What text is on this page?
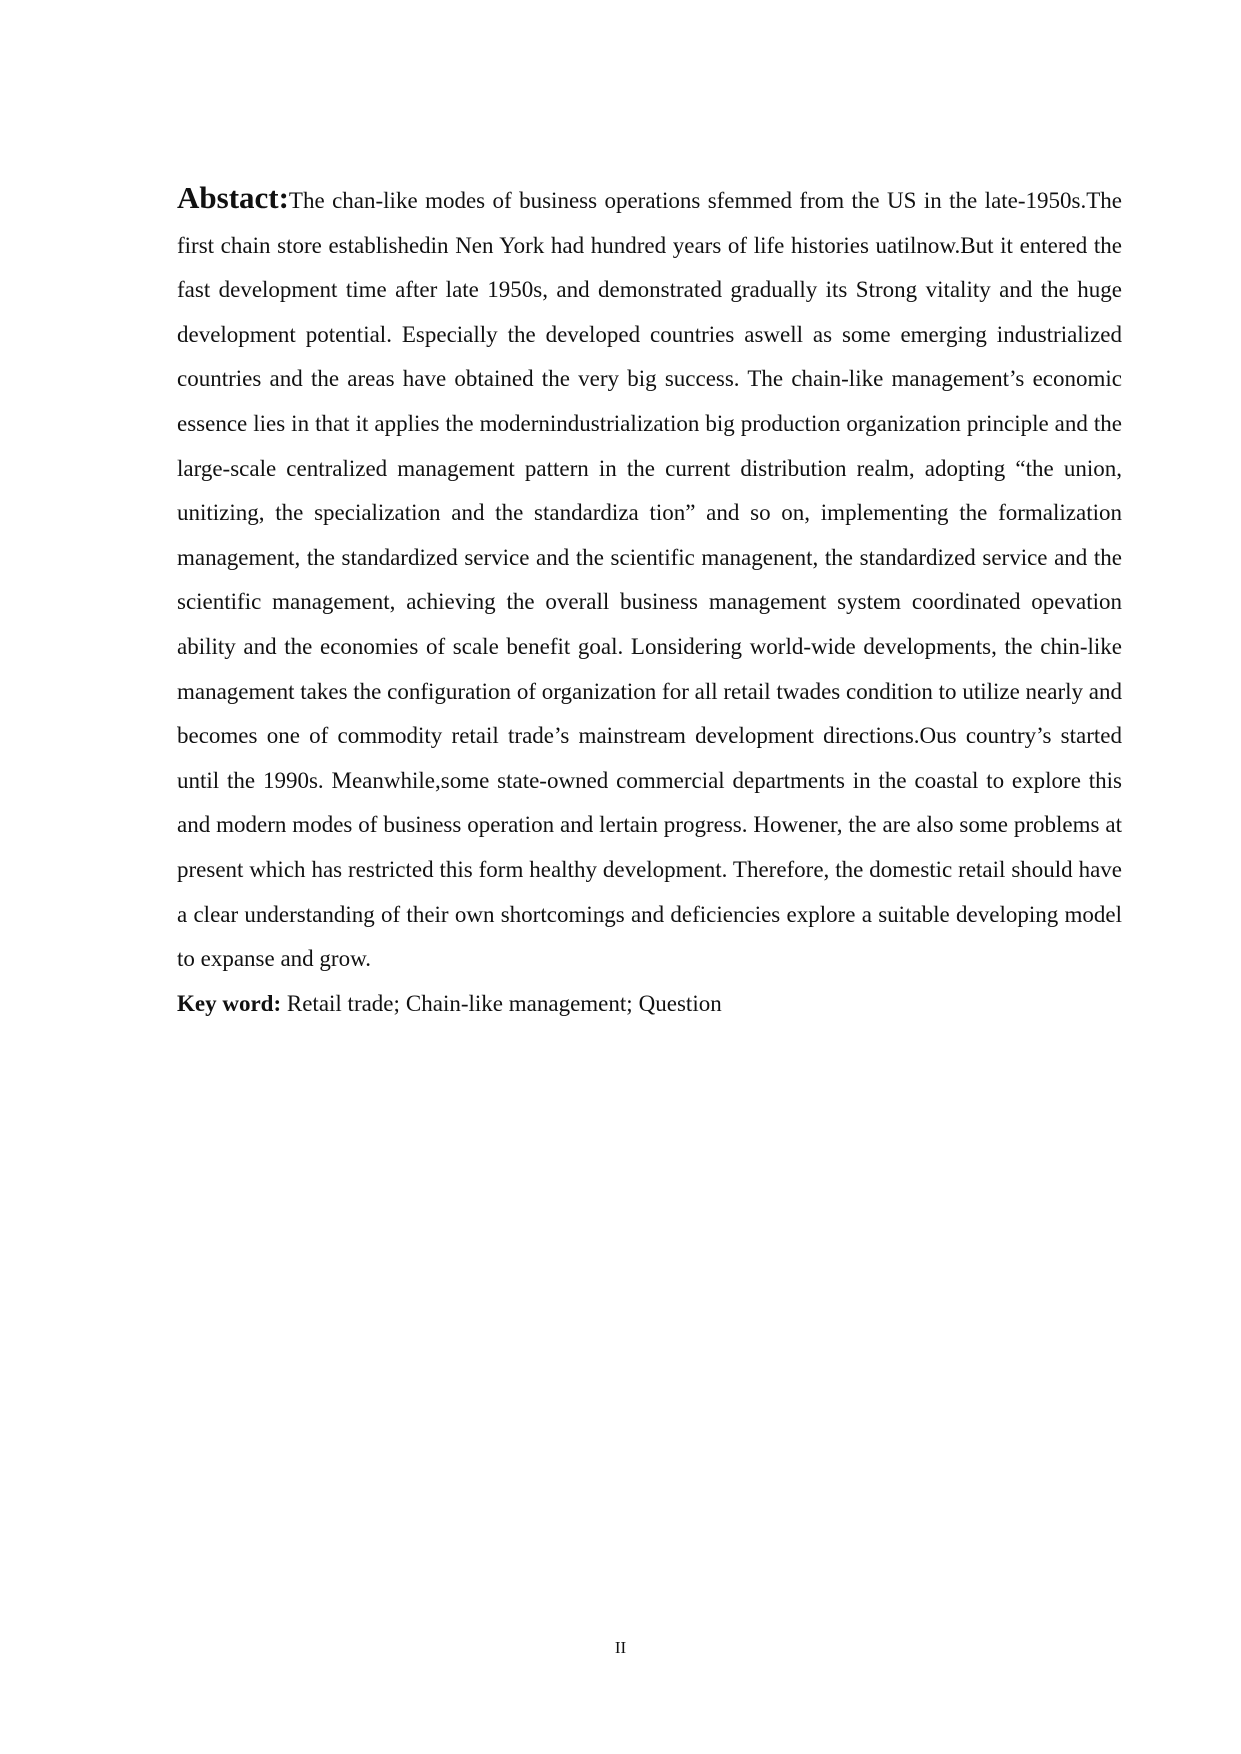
Abstact:The chan-like modes of business operations sfemmed from the US in the late-1950s.The first chain store establishedin Nen York had hundred years of life histories uatilnow.But it entered the fast development time after late 1950s, and demonstrated gradually its Strong vitality and the huge development potential. Especially the developed countries aswell as some emerging industrialized countries and the areas have obtained the very big success. The chain-like management’s economic essence lies in that it applies the modernindustrialization big production organization principle and the large-scale centralized management pattern in the current distribution realm, adopting “the union, unitizing, the specialization and the standardiza tion” and so on, implementing the formalization management, the standardized service and the scientific managenent, the standardized service and the scientific management, achieving the overall business management system coordinated opevation ability and the economies of scale benefit goal. Lonsidering world-wide developments, the chin-like management takes the configuration of organization for all retail twades condition to utilize nearly and becomes one of commodity retail trade’s mainstream development directions.Ous country’s started until the 1990s. Meanwhile,some state-owned commercial departments in the coastal to explore this and modern modes of business operation and lertain progress. Howener, the are also some problems at present which has restricted this form healthy development. Therefore, the domestic retail should have a clear understanding of their own shortcomings and deficiencies explore a suitable developing model to expanse and grow.

Key word: Retail trade; Chain-like management; Question

II
